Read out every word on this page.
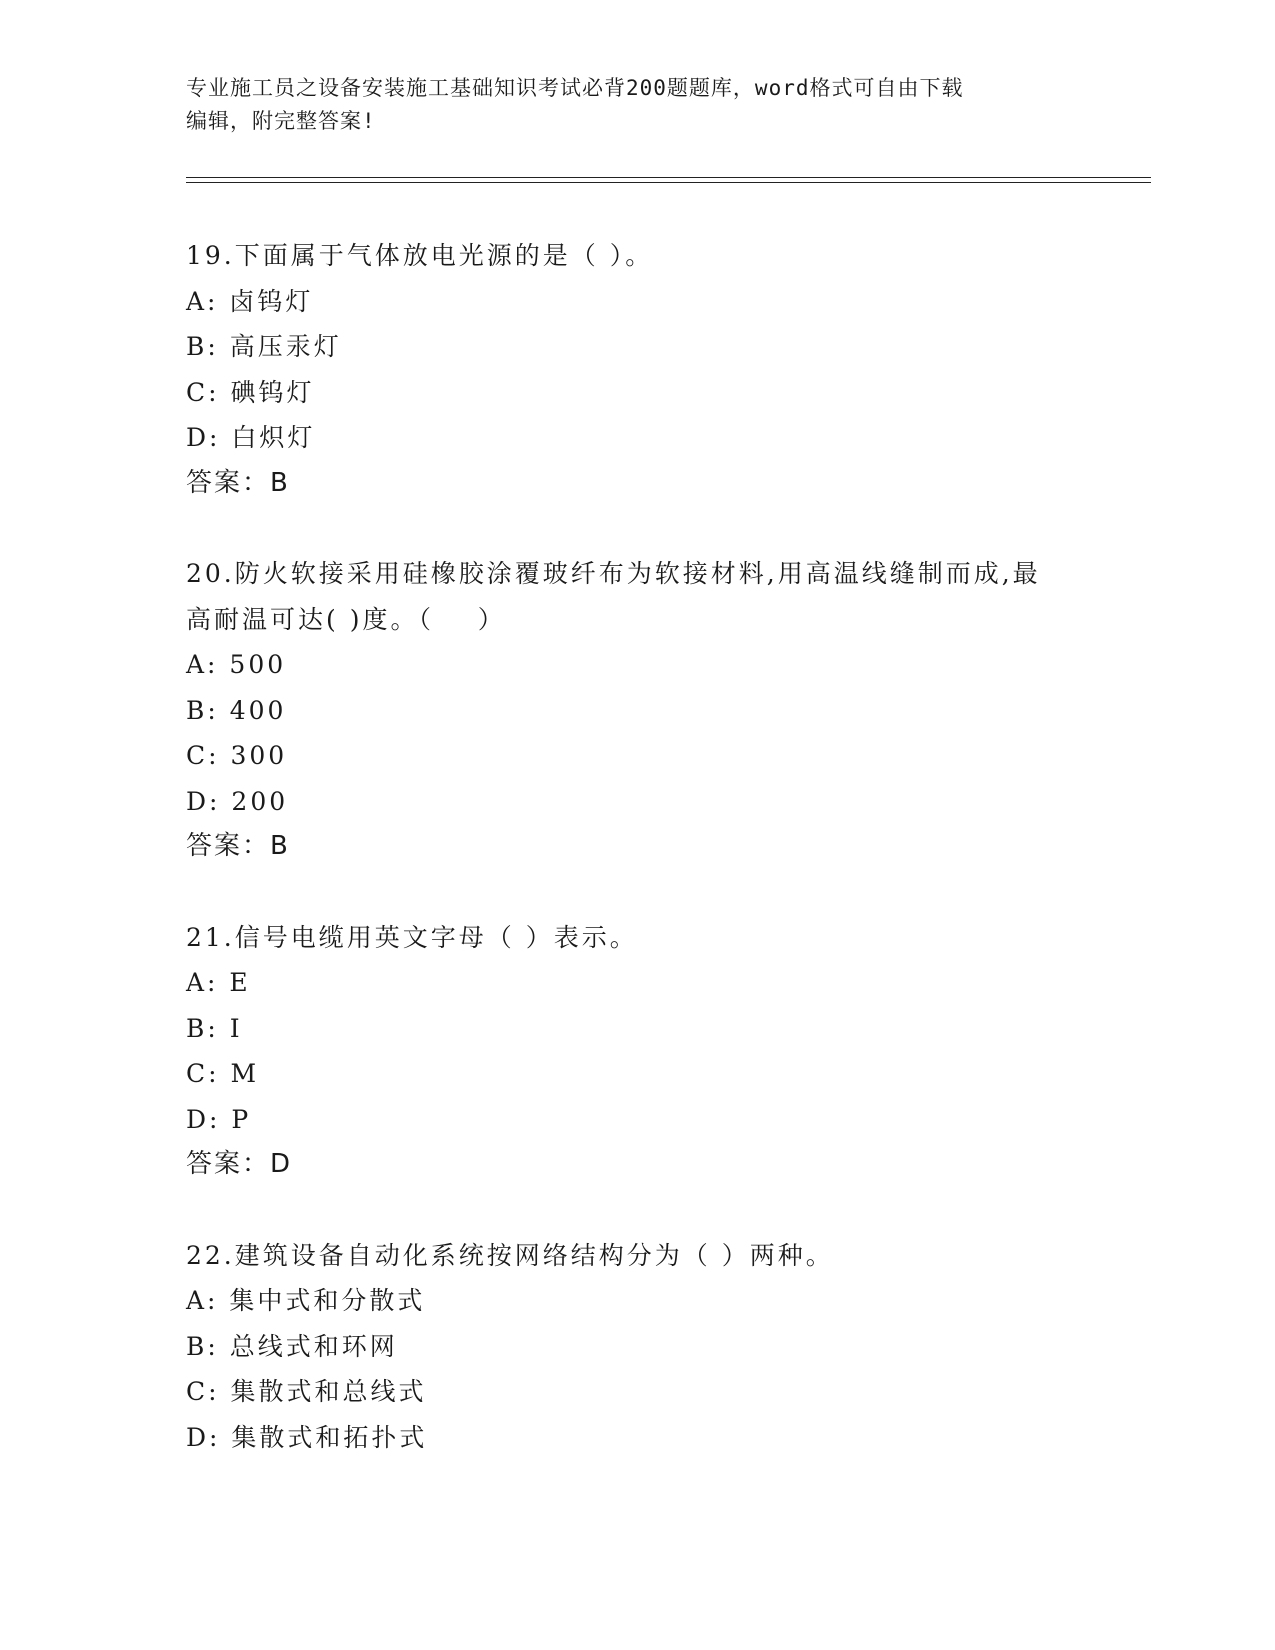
专业施工员之设备安装施工基础知识考试必背200题题库，word格式可自由下载
编辑，附完整答案!
19.下面属于气体放电光源的是（ ）。
A: 卤钨灯
B: 高压汞灯
C: 碘钨灯
D: 白炽灯
答案：B
20.防火软接采用硅橡胶涂覆玻纤布为软接材料,用高温线缝制而成,最
高耐温可达( )度。（    ）
A: 500
B: 400
C: 300
D: 200
答案：B
21.信号电缆用英文字母（ ）表示。
A: E
B: I
C: M
D: P
答案：D
22.建筑设备自动化系统按网络结构分为（ ）两种。
A: 集中式和分散式
B: 总线式和环网
C: 集散式和总线式
D: 集散式和拓扑式
